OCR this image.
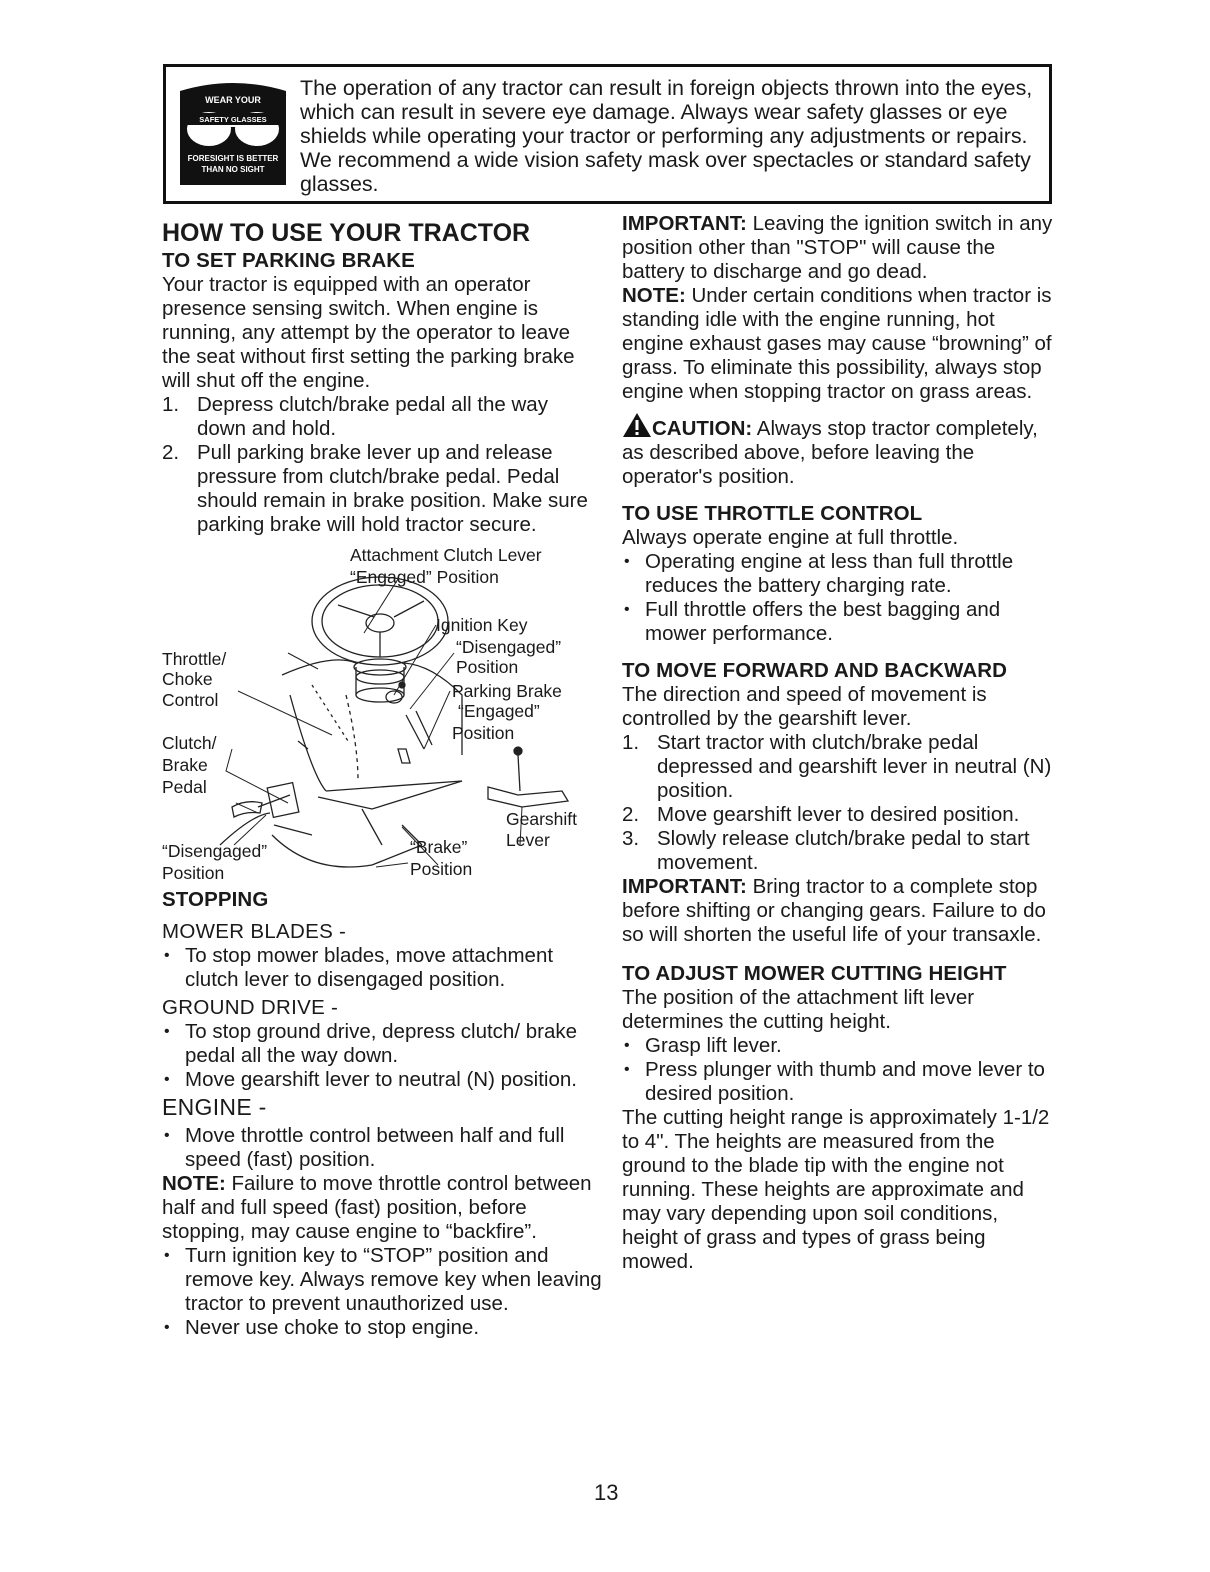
WEAR YOUR
SAFETY GLASSES
FORESIGHT IS BETTER
THAN NO SIGHT

The operation of any tractor can result in foreign objects thrown into the eyes, which can result in severe eye damage. Always wear safety glasses or eye shields while operating your tractor or performing any adjustments or repairs. We recommend a wide vision safety mask over spectacles or standard safety glasses.

HOW TO USE YOUR TRACTOR
TO SET PARKING BRAKE

Your tractor is equipped with an operator presence sensing switch. When engine is running, any attempt by the operator to leave the seat without first setting the parking brake will shut off the engine.

1. Depress clutch/brake pedal all the way down and hold.
2. Pull parking brake lever up and release pressure from clutch/brake pedal. Pedal should remain in brake position. Make sure parking brake will hold tractor secure.
Attachment Clutch Lever
“Engaged” Position
Ignition Key
“Disengaged”
Position
Throttle/
Choke
Control	Parking Brake
“Engaged”
Position
Clutch/
Brake
Pedal
Gearshift
Lever
“Disengaged”
Position
“Brake”
Position
STOPPING

MOWER BLADES -

• To stop mower blades, move attachment clutch lever to disengaged position.

GROUND DRIVE -

• To stop ground drive, depress clutch/ brake pedal all the way down.
• Move gearshift lever to neutral (N) position.

ENGINE -

• Move throttle control between half and full speed (fast) position.

NOTE: Failure to move throttle control between half and full speed (fast) position, before stopping, may cause engine to “backfire”.

• Turn ignition key to “STOP” position and remove key. Always remove key when leaving tractor to prevent unauthorized use.
• Never use choke to stop engine.

IMPORTANT: Leaving the ignition switch in any position other than "STOP" will cause the battery to discharge and go dead.

NOTE: Under certain conditions when tractor is standing idle with the engine running, hot engine exhaust gases may cause “browning” of grass. To eliminate this possibility, always stop engine when stopping tractor on grass areas.

CAUTION: Always stop tractor completely, as described above, before leaving the operator's position.

TO USE THROTTLE CONTROL

Always operate engine at full throttle.

• Operating engine at less than full throttle reduces the battery charging rate.
• Full throttle offers the best bagging and mower performance.
TO MOVE FORWARD AND BACKWARD

The direction and speed of movement is controlled by the gearshift lever.

1. Start tractor with clutch/brake pedal depressed and gearshift lever in neutral (N) position.
2. Move gearshift lever to desired position.
3. Slowly release clutch/brake pedal to start movement.

IMPORTANT: Bring tractor to a complete stop before shifting or changing gears. Failure to do so will shorten the useful life of your transaxle.

TO ADJUST MOWER CUTTING HEIGHT

The position of the attachment lift lever determines the cutting height.

• Grasp lift lever.
• Press plunger with thumb and move lever to desired position.

The cutting height range is approximately 1-1/2 to 4". The heights are measured from the ground to the blade tip with the engine not running. These heights are approximate and may vary depending upon soil conditions, height of grass and types of grass being mowed.

13
